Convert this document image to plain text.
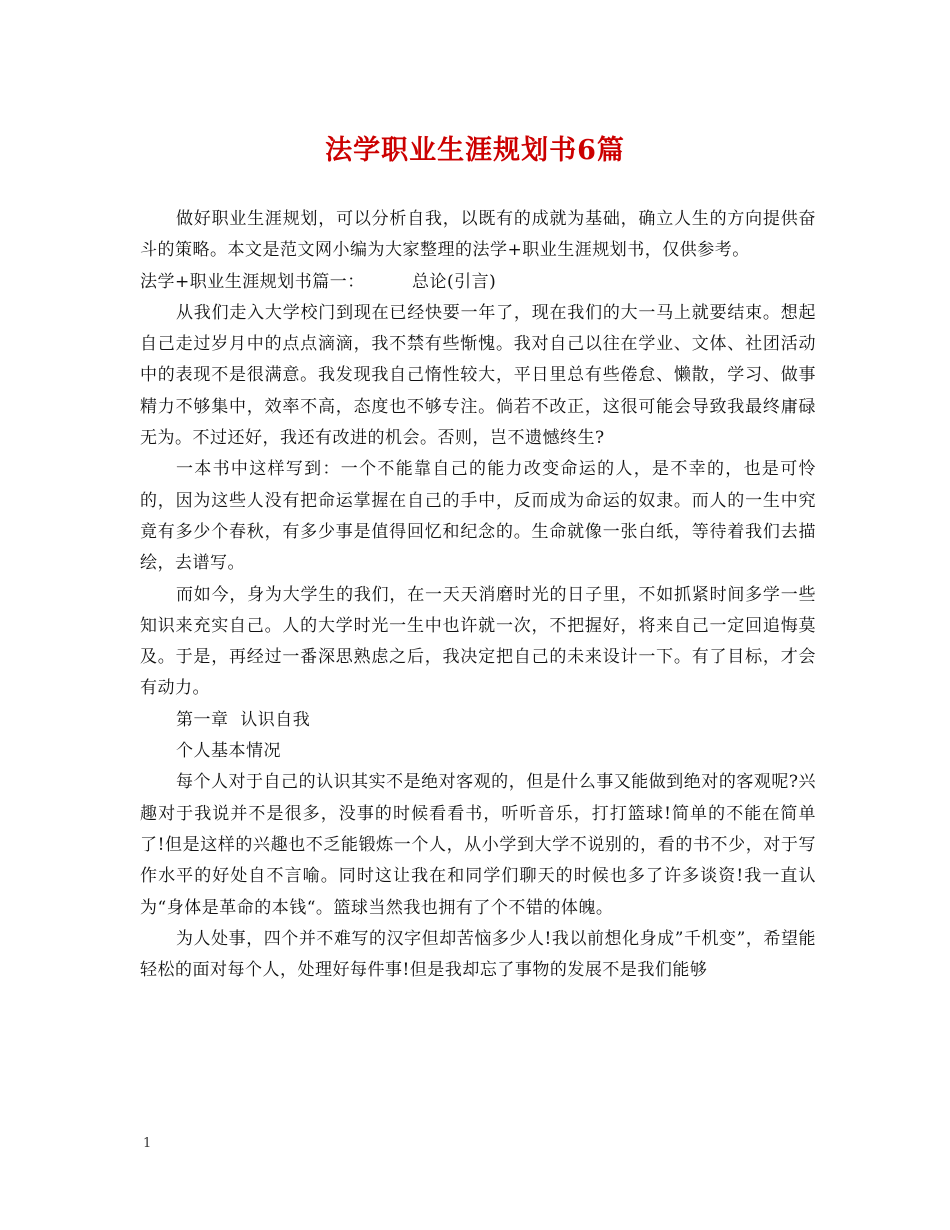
法学职业生涯规划书6篇

做好职业生涯规划，可以分析自我，以既有的成就为基础，确立人生的方向提供奋斗的策略。本文是范文网小编为大家整理的法学+职业生涯规划书，仅供参考。

法学+职业生涯规划书篇一：        总论(引言)

从我们走入大学校门到现在已经快要一年了，现在我们的大一马上就要结束。想起自己走过岁月中的点点滴滴，我不禁有些惭愧。我对自己以往在学业、文体、社团活动中的表现不是很满意。我发现我自己惰性较大，平日里总有些倦怠、懒散，学习、做事精力不够集中，效率不高，态度也不够专注。倘若不改正，这很可能会导致我最终庸碌无为。不过还好，我还有改进的机会。否则，岂不遗憾终生?

一本书中这样写到：一个不能靠自己的能力改变命运的人，是不幸的，也是可怜的，因为这些人没有把命运掌握在自己的手中，反而成为命运的奴隶。而人的一生中究竟有多少个春秋，有多少事是值得回忆和纪念的。生命就像一张白纸，等待着我们去描绘，去谱写。

而如今，身为大学生的我们，在一天天消磨时光的日子里，不如抓紧时间多学一些知识来充实自己。人的大学时光一生中也许就一次，不把握好，将来自己一定回追悔莫及。于是，再经过一番深思熟虑之后，我决定把自己的未来设计一下。有了目标，才会有动力。

第一章  认识自我

个人基本情况

每个人对于自己的认识其实不是绝对客观的，但是什么事又能做到绝对的客观呢?兴趣对于我说并不是很多，没事的时候看看书，听听音乐，打打篮球!简单的不能在简单了!但是这样的兴趣也不乏能锻炼一个人，从小学到大学不说别的，看的书不少，对于写作水平的好处自不言喻。同时这让我在和同学们聊天的时候也多了许多谈资!我一直认为“身体是革命的本钱“。篮球当然我也拥有了个不错的体魄。

为人处事，四个并不难写的汉字但却苦恼多少人!我以前想化身成”千机变”，希望能轻松的面对每个人，处理好每件事!但是我却忘了事物的发展不是我们能够

1
